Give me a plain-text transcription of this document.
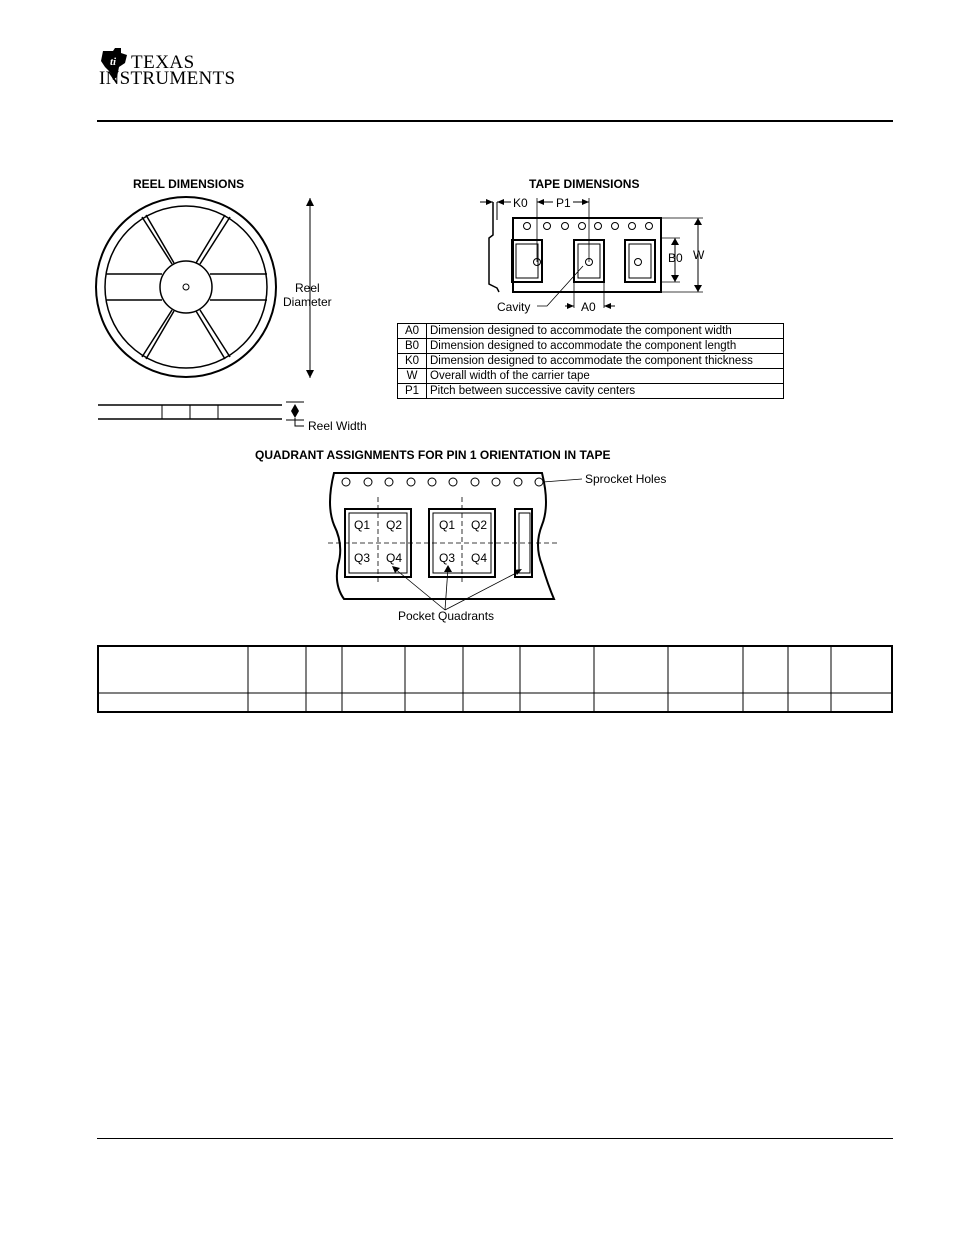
ti TEXAS
INSTRUMENTS
REEL DIMENSIONS
Reel
Diameter
Reel Width
TAPE DIMENSIONS
K0 P1
B0 W
A0
Cavity
A0	Dimension designed to accommodate the component width
B0	Dimension designed to accommodate the component length
K0	Dimension designed to accommodate the component thickness
W	Overall width of the carrier tape
P1	Pitch between successive cavity centers
QUADRANT ASSIGNMENTS FOR PIN 1 ORIENTATION IN TAPE
Q1 Q2
Q3 Q4
Q1 Q2
Q3 Q4
Sprocket Holes
Pocket Quadrants
